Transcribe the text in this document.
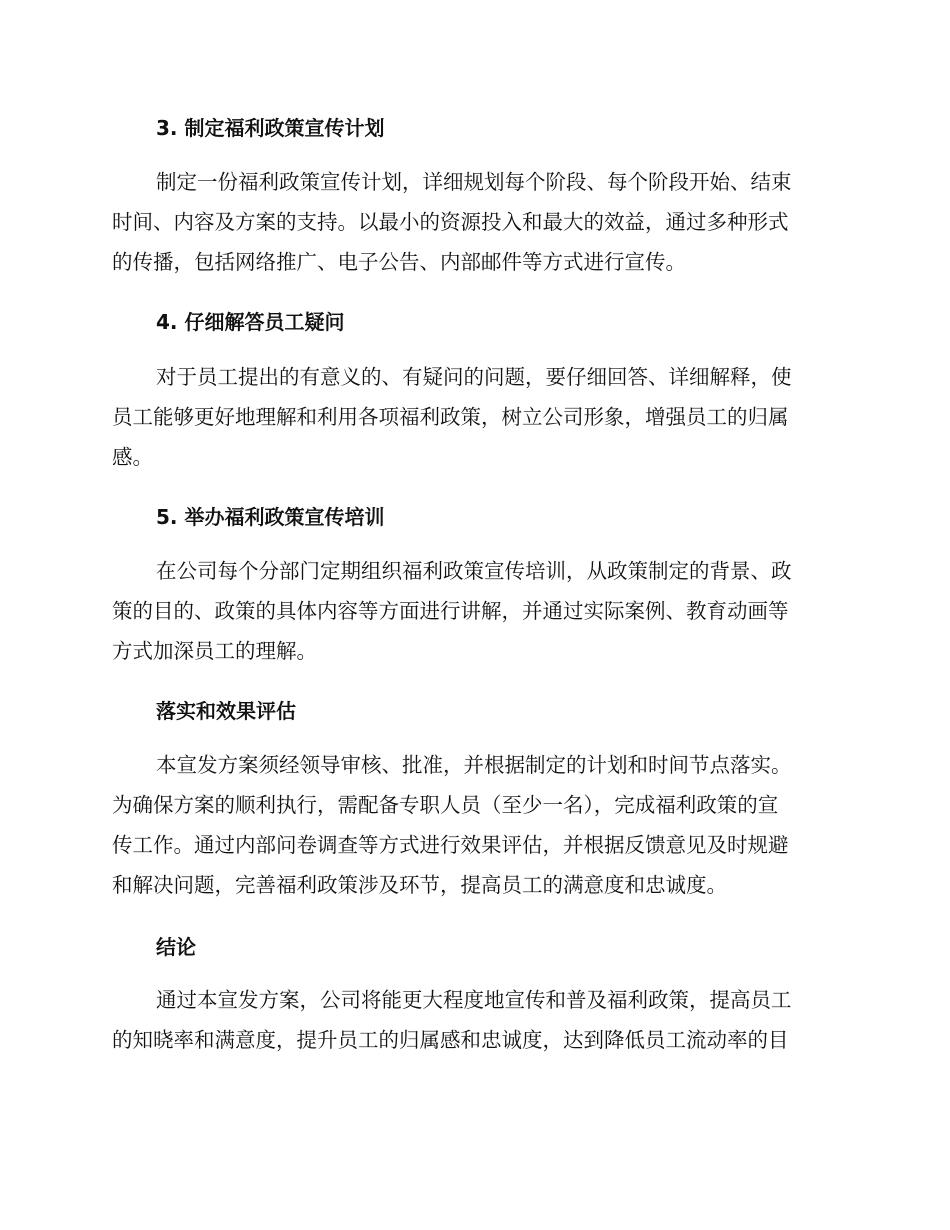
3. 制定福利政策宣传计划
制定一份福利政策宣传计划，详细规划每个阶段、每个阶段开始、结束
时间、内容及方案的支持。以最小的资源投入和最大的效益，通过多种形式
的传播，包括网络推广、电子公告、内部邮件等方式进行宣传。
4. 仔细解答员工疑问
对于员工提出的有意义的、有疑问的问题，要仔细回答、详细解释，使
员工能够更好地理解和利用各项福利政策，树立公司形象，增强员工的归属
感。
5. 举办福利政策宣传培训
在公司每个分部门定期组织福利政策宣传培训，从政策制定的背景、政
策的目的、政策的具体内容等方面进行讲解，并通过实际案例、教育动画等
方式加深员工的理解。
落实和效果评估
本宣发方案须经领导审核、批准，并根据制定的计划和时间节点落实。
为确保方案的顺利执行，需配备专职人员（至少一名），完成福利政策的宣
传工作。通过内部问卷调查等方式进行效果评估，并根据反馈意见及时规避
和解决问题，完善福利政策涉及环节，提高员工的满意度和忠诚度。
结论
通过本宣发方案，公司将能更大程度地宣传和普及福利政策，提高员工
的知晓率和满意度，提升员工的归属感和忠诚度，达到降低员工流动率的目
